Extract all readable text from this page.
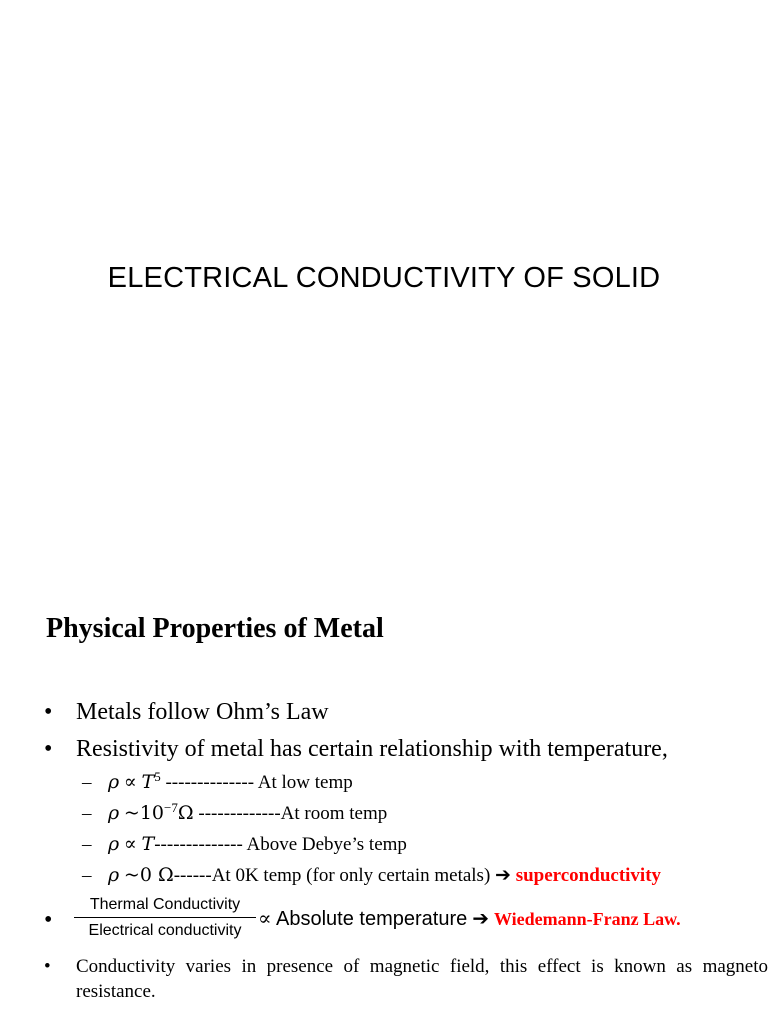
ELECTRICAL CONDUCTIVITY OF SOLID
Physical Properties of Metal
• Metals follow Ohm’s Law
• Resistivity of metal has certain relationship with temperature,
– $\rho \propto T^5$ -------------- At low temp
– ρ $\sim 10^{-7}\Omega$ -------------At room temp
– ρ ∝ T-------------- Above Debye’s temp
– ρ ~0 Ω------At 0K temp (for only certain metals) ➔ superconductivity
•
Thermal Conductivity
Electrical conductivity
∝ Absolute temperature ➔ Wiedemann-Franz Law.
• Conductivity varies in presence of magnetic field, this effect is known as magneto resistance.
